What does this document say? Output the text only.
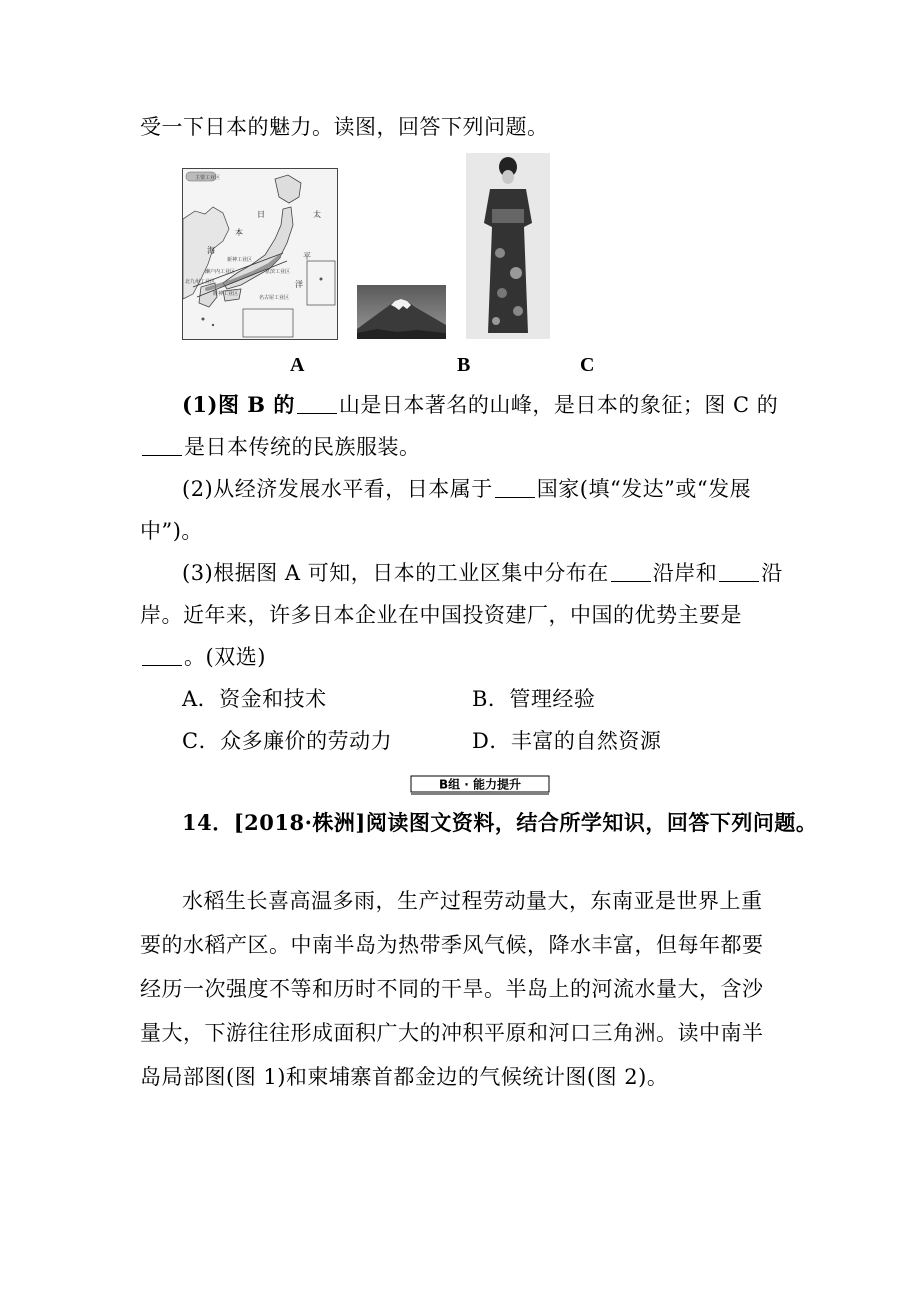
受一下日本的魅力。读图，回答下列问题。
主要工业区
日	太
本
海
平
洋
新神工业区
濑户内工业区
北九州工业区
京滨工业区
阪神工业区
名古屋工业区
A	B	C
(1)图 B 的 山是日本著名的山峰，是日本的象征；图 C 的
是日本传统的民族服装。
(2)从经济发展水平看，日本属于 国家(填“发达”或“发展
中”)。
(3)根据图 A 可知，日本的工业区集中分布在 沿岸和 沿
岸。近年来，许多日本企业在中国投资建厂，中国的优势主要是
。(双选)
A．资金和技术	B．管理经验
C．众多廉价的劳动力	D．丰富的自然资源
B组 · 能力提升
14．[2018·株洲]阅读图文资料，结合所学知识，回答下列问题。
水稻生长喜高温多雨，生产过程劳动量大，东南亚是世界上重
要的水稻产区。中南半岛为热带季风气候，降水丰富，但每年都要
经历一次强度不等和历时不同的干旱。半岛上的河流水量大，含沙
量大，下游往往形成面积广大的冲积平原和河口三角洲。读中南半
岛局部图(图 1)和柬埔寨首都金边的气候统计图(图 2)。
